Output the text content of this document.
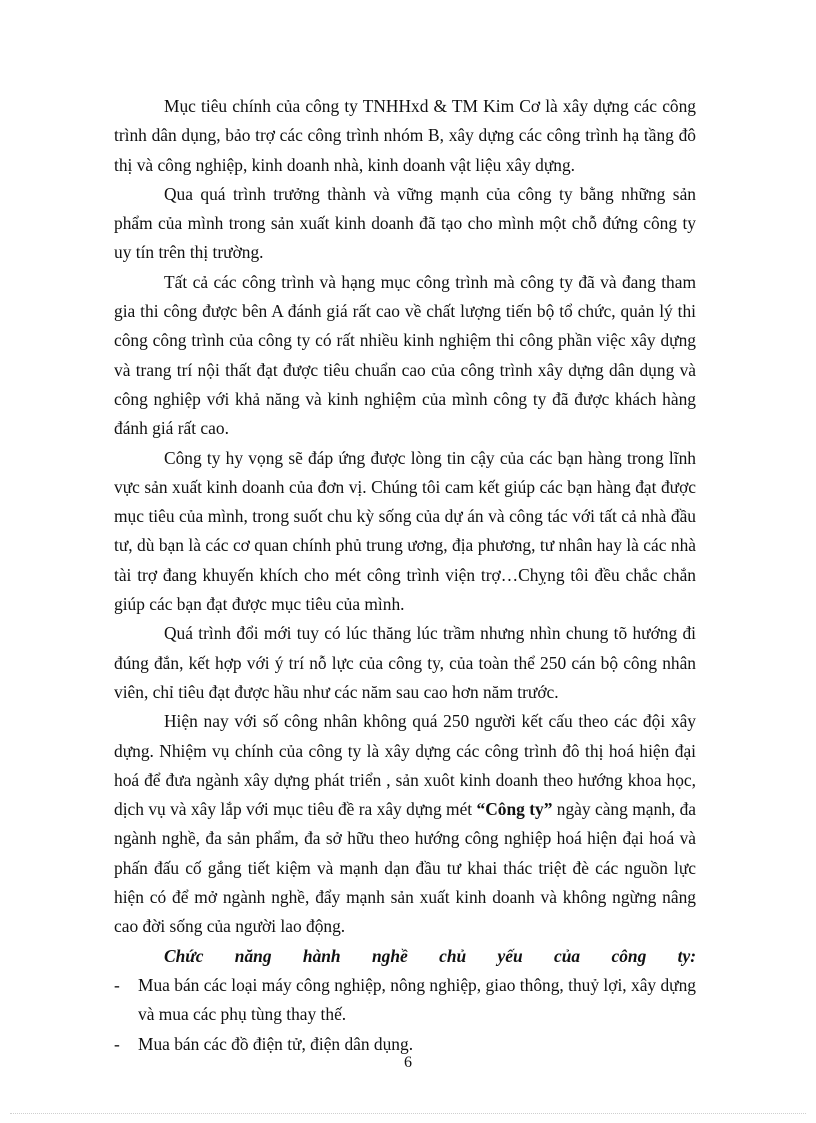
Mục tiêu chính của công ty TNHHxd & TM Kim Cơ là xây dựng các công trình dân dụng, bảo trợ các công trình nhóm B, xây dựng các công trình hạ tầng đô thị và công nghiệp, kinh doanh nhà, kinh doanh vật liệu xây dựng.

Qua quá trình trưởng thành và vững mạnh của công ty bằng những sản phẩm của mình trong sản xuất kinh doanh đã tạo cho mình một chỗ đứng công ty uy tín trên thị trường.

Tất cả các công trình và hạng mục công trình mà công ty đã và đang tham gia thi công được bên A đánh giá rất cao về chất lượng tiến bộ tổ chức, quản lý thi công công trình của công ty có rất nhiều kinh nghiệm thi công phần việc xây dựng và trang trí nội thất đạt được tiêu chuẩn cao của công trình xây dựng dân dụng và công nghiệp với khả năng và kinh nghiệm của mình công ty đã được khách hàng đánh giá rất cao.

Công ty hy vọng sẽ đáp ứng được lòng tin cậy của các bạn hàng trong lĩnh vực sản xuất kinh doanh của đơn vị. Chúng tôi cam kết giúp các bạn hàng đạt được mục tiêu của mình, trong suốt chu kỳ sống của dự án và công tác với tất cả nhà đầu tư, dù bạn là các cơ quan chính phủ trung ương, địa phương, tư nhân hay là các nhà tài trợ đang khuyến khích cho mét công trình viện trợ…Chỵng tôi đều chắc chắn giúp các bạn đạt được mục tiêu của mình.

Quá trình đổi mới tuy có lúc thăng lúc trầm nhưng nhìn chung tõ hướng đi đúng đắn, kết hợp với ý trí nỗ lực của công ty, của toàn thể 250 cán bộ công nhân viên, chỉ tiêu đạt được hầu như các năm sau cao hơn năm trước.

Hiện nay với số công nhân không quá 250 người kết cấu theo các đội xây dựng. Nhiệm vụ chính của công ty là xây dựng các công trình đô thị hoá hiện đại hoá để đưa ngành xây dựng phát triển , sản xuôt kinh doanh theo hướng khoa học, dịch vụ và xây lắp với mục tiêu đề ra xây dựng mét “Công ty” ngày càng mạnh, đa ngành nghề, đa sản phẩm, đa sở hữu theo hướng công nghiệp hoá hiện đại hoá và phấn đấu cố gắng tiết kiệm và mạnh dạn đầu tư khai thác triệt đè các nguồn lực hiện có để mở ngành nghề, đẩy mạnh sản xuất kinh doanh và không ngừng nâng cao đời sống của người lao động.

Chức năng hành nghề chủ yếu của công ty:

- Mua bán các loại máy công nghiệp, nông nghiệp, giao thông, thuỷ lợi, xây dựng và mua các phụ tùng thay thế.

- Mua bán các đồ điện tử, điện dân dụng.

6
